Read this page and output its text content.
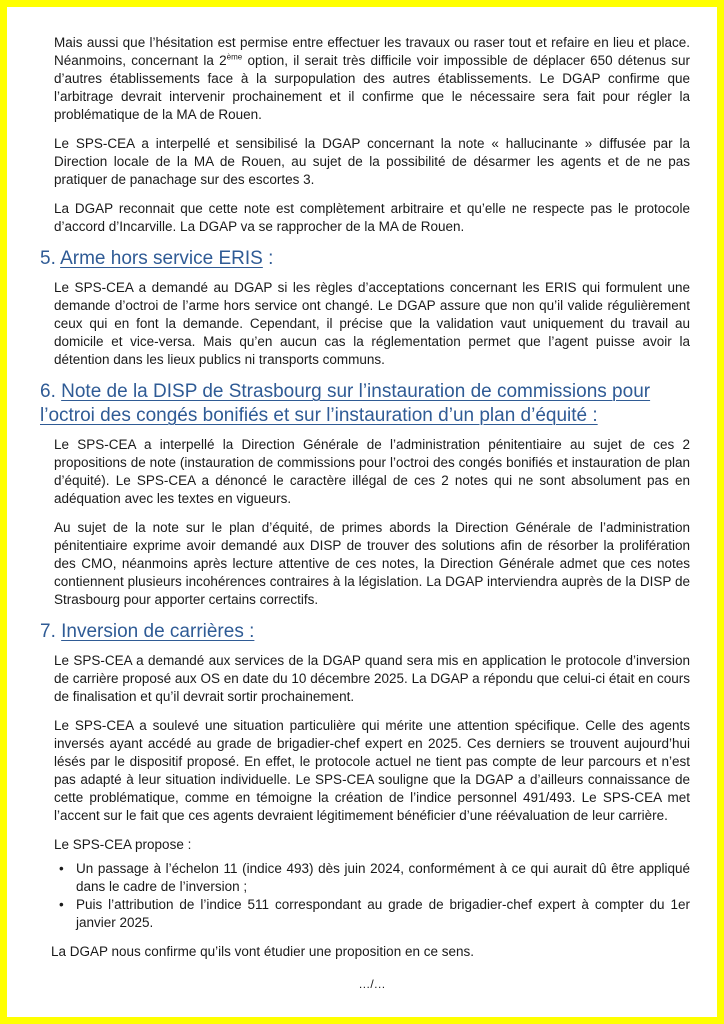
Mais aussi que l’hésitation est permise entre effectuer les travaux ou raser tout et refaire en lieu et place. Néanmoins, concernant la 2ème option, il serait très difficile voir impossible de déplacer 650 détenus sur d’autres établissements face à la surpopulation des autres établissements. Le DGAP confirme que l’arbitrage devrait intervenir prochainement et il confirme que le nécessaire sera fait pour régler la problématique de la MA de Rouen.

Le SPS-CEA a interpellé et sensibilisé la DGAP concernant la note « hallucinante » diffusée par la Direction locale de la MA de Rouen, au sujet de la possibilité de désarmer les agents et de ne pas pratiquer de panachage sur des escortes 3.

La DGAP reconnait que cette note est complètement arbitraire et qu’elle ne respecte pas le protocole d’accord d’Incarville. La DGAP va se rapprocher de la MA de Rouen.

5. Arme hors service ERIS :

Le SPS-CEA a demandé au DGAP si les règles d’acceptations concernant les ERIS qui formulent une demande d’octroi de l’arme hors service ont changé. Le DGAP assure que non qu’il valide régulièrement ceux qui en font la demande. Cependant, il précise que la validation vaut uniquement du travail au domicile et vice-versa. Mais qu’en aucun cas la réglementation permet que l’agent puisse avoir la détention dans les lieux publics ni transports communs.

6. Note de la DISP de Strasbourg sur l’instauration de commissions pour l’octroi des congés bonifiés et sur l’instauration d’un plan d’équité :

Le SPS-CEA a interpellé la Direction Générale de l’administration pénitentiaire au sujet de ces 2 propositions de note (instauration de commissions pour l’octroi des congés bonifiés et instauration de plan d’équité). Le SPS-CEA a dénoncé le caractère illégal de ces 2 notes qui ne sont absolument pas en adéquation avec les textes en vigueurs.

Au sujet de la note sur le plan d’équité, de primes abords la Direction Générale de l’administration pénitentiaire exprime avoir demandé aux DISP de trouver des solutions afin de résorber la prolifération des CMO, néanmoins après lecture attentive de ces notes, la Direction Générale admet que ces notes contiennent plusieurs incohérences contraires à la législation. La DGAP interviendra auprès de la DISP de Strasbourg pour apporter certains correctifs.

7. Inversion de carrières :

Le SPS-CEA a demandé aux services de la DGAP quand sera mis en application le protocole d’inversion de carrière proposé aux OS en date du 10 décembre 2025. La DGAP a répondu que celui-ci était en cours de finalisation et qu’il devrait sortir prochainement.

Le SPS-CEA a soulevé une situation particulière qui mérite une attention spécifique. Celle des agents inversés ayant accédé au grade de brigadier-chef expert en 2025. Ces derniers se trouvent aujourd’hui lésés par le dispositif proposé. En effet, le protocole actuel ne tient pas compte de leur parcours et n’est pas adapté à leur situation individuelle. Le SPS-CEA souligne que la DGAP a d’ailleurs connaissance de cette problématique, comme en témoigne la création de l’indice personnel 491/493. Le SPS-CEA met l’accent sur le fait que ces agents devraient légitimement bénéficier d’une réévaluation de leur carrière.

Le SPS-CEA propose :

• Un passage à l’échelon 11 (indice 493) dès juin 2024, conformément à ce qui aurait dû être appliqué dans le cadre de l’inversion ;
• Puis l’attribution de l’indice 511 correspondant au grade de brigadier-chef expert à compter du 1er janvier 2025.

La DGAP nous confirme qu’ils vont étudier une proposition en ce sens.

…/…
